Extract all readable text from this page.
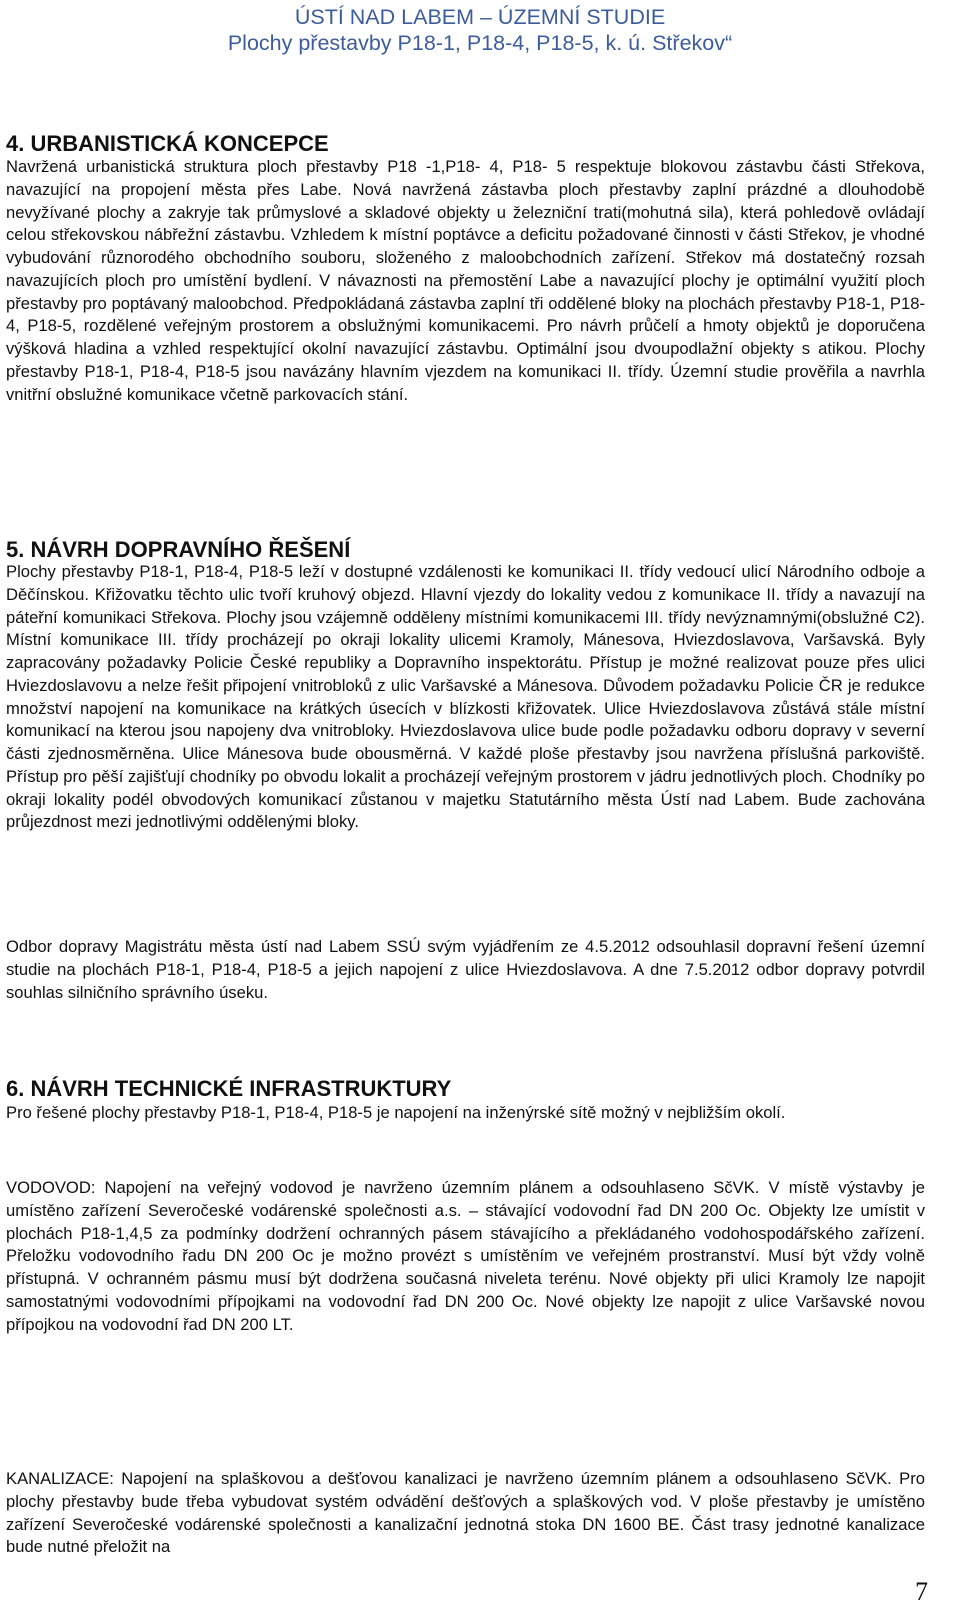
ÚSTÍ NAD LABEM – ÚZEMNÍ STUDIE
Plochy přestavby P18-1, P18-4, P18-5, k. ú. Střekov“
4. URBANISTICKÁ KONCEPCE
Navržená urbanistická struktura ploch přestavby P18 -1,P18- 4, P18- 5 respektuje blokovou zástavbu části Střekova, navazující na propojení města přes Labe. Nová navržená zástavba ploch přestavby zaplní prázdné a dlouhodobě nevyžívané plochy a zakryje tak průmyslové a skladové objekty u železniční trati(mohutná sila), která pohledově ovládají celou střekovskou nábřežní zástavbu. Vzhledem k místní poptávce a deficitu požadované činnosti v části Střekov, je vhodné vybudování různorodého obchodního souboru, složeného z maloobchodních zařízení. Střekov má dostatečný rozsah navazujících ploch pro umístění bydlení. V návaznosti na přemostění Labe a navazující plochy je optimální využití ploch přestavby pro poptávaný maloobchod. Předpokládaná zástavba zaplní tři oddělené bloky na plochách přestavby P18-1, P18-4, P18-5, rozdělené veřejným prostorem a obslužnými komunikacemi. Pro návrh průčelí a hmoty objektů je doporučena výšková hladina a vzhled respektující okolní navazující zástavbu. Optimální jsou dvoupodlažní objekty s atikou. Plochy přestavby P18-1, P18-4, P18-5 jsou navázány hlavním vjezdem na komunikaci II. třídy. Územní studie prověřila a navrhla vnitřní obslužné komunikace včetně parkovacích stání.
5. NÁVRH DOPRAVNÍHO ŘEŠENÍ
Plochy přestavby P18-1, P18-4, P18-5 leží v dostupné vzdálenosti ke komunikaci II. třídy vedoucí ulicí Národního odboje a Děčínskou. Křižovatku těchto ulic tvoří kruhový objezd. Hlavní vjezdy do lokality vedou z komunikace II. třídy a navazují na páteřní komunikaci Střekova. Plochy jsou vzájemně odděleny místními komunikacemi III. třídy nevýznamnými(obslužné C2). Místní komunikace III. třídy procházejí po okraji lokality ulicemi Kramoly, Mánesova, Hviezdoslavova, Varšavská. Byly zapracovány požadavky Policie České republiky a Dopravního inspektorátu. Přístup je možné realizovat pouze přes ulici Hviezdoslavovu a nelze řešit připojení vnitrobloků z ulic Varšavské a Mánesova. Důvodem požadavku Policie ČR je redukce množství napojení na komunikace na krátkých úsecích v blízkosti křižovatek. Ulice Hviezdoslavova zůstává stále místní komunikací na kterou jsou napojeny dva vnitrobloky. Hviezdoslavova ulice bude podle požadavku odboru dopravy v severní části zjednosměrněna. Ulice Mánesova bude obousměrná. V každé ploše přestavby jsou navržena příslušná parkoviště. Přístup pro pěší zajišťují chodníky po obvodu lokalit a procházejí veřejným prostorem v jádru jednotlivých ploch. Chodníky po okraji lokality podél obvodových komunikací zůstanou v majetku Statutárního města Ústí nad Labem. Bude zachována průjezdnost mezi jednotlivými oddělenými bloky.
Odbor dopravy Magistrátu města ústí nad Labem SSÚ svým vyjádřením ze 4.5.2012 odsouhlasil dopravní řešení územní studie na plochách P18-1, P18-4, P18-5 a jejich napojení z ulice Hviezdoslavova. A dne 7.5.2012 odbor dopravy potvrdil souhlas silničního správního úseku.
6. NÁVRH TECHNICKÉ INFRASTRUKTURY
Pro řešené plochy přestavby P18-1, P18-4, P18-5 je napojení na inženýrské sítě možný v nejbližším okolí.
VODOVOD: Napojení na veřejný vodovod je navrženo územním plánem a odsouhlaseno SčVK. V místě výstavby je umístěno zařízení Severočeské vodárenské společnosti a.s. – stávající vodovodní řad DN 200 Oc. Objekty lze umístit v plochách P18-1,4,5 za podmínky dodržení ochranných pásem stávajícího a překládaného vodohospodářského zařízení. Přeložku vodovodního řadu DN 200 Oc je možno provézt s umístěním ve veřejném prostranství. Musí být vždy volně přístupná. V ochranném pásmu musí být dodržena současná niveleta terénu. Nové objekty při ulici Kramoly lze napojit samostatnými vodovodními přípojkami na vodovodní řad DN 200 Oc. Nové objekty lze napojit z ulice Varšavské novou přípojkou na vodovodní řad DN 200 LT.
KANALIZACE: Napojení na splaškovou a dešťovou kanalizaci je navrženo územním plánem a odsouhlaseno SčVK. Pro plochy přestavby bude třeba vybudovat systém odvádění dešťových a splaškových vod. V ploše přestavby je umístěno zařízení Severočeské vodárenské společnosti a kanalizační jednotná stoka DN 1600 BE. Část trasy jednotné kanalizace bude nutné přeložit na
7
